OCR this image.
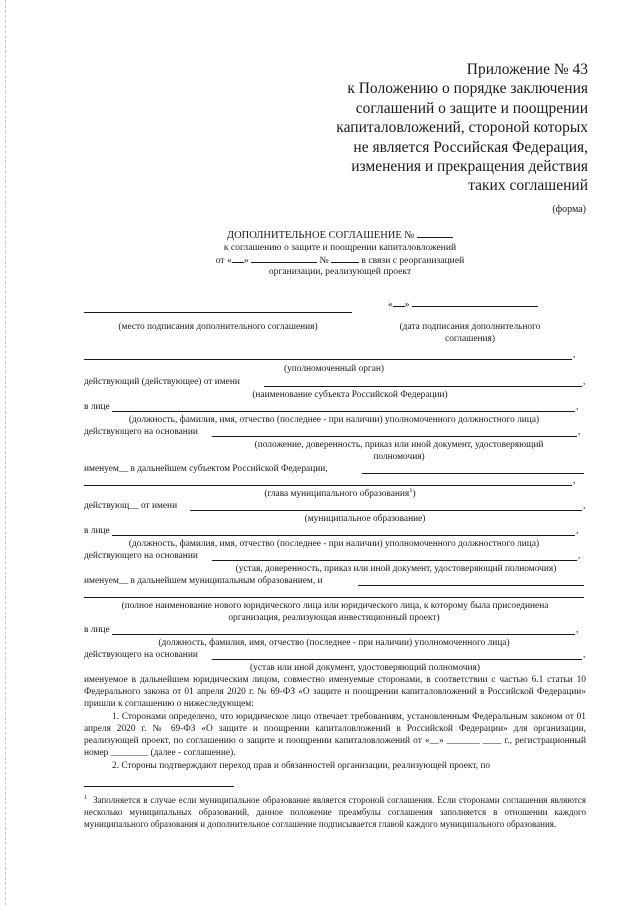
Приложение № 43
к Положению о порядке заключения
соглашений о защите и поощрении
капиталовложений, стороной которых
не является Российская Федерация,
изменения и прекращения действия
таких соглашений
(форма)
ДОПОЛНИТЕЛЬНОЕ СОГЛАШЕНИЕ №
к соглашению о защите и поощрении капиталовложений
от « »	№	в связи с реорганизацией
организации, реализующей проект
« »
(место подписания дополнительного соглашения)	(дата подписания дополнительного
соглашения)
,
(уполномоченный орган)
действующий (действующее) от имени	,
(наименование субъекта Российской Федерации)
в лице	,
(должность, фамилия, имя, отчество (последнее - при наличии) уполномоченного должностного лица)
действующего на основании	,
(положение, доверенность, приказ или иной документ, удостоверяющий
полномочия)
именуем__ в дальнейшем субъектом Российской Федерации,
,
(глава муниципального образования$^1$)
действующ__ от имени	,
(муниципальное образование)
в лице	,
(должность, фамилия, имя, отчество (последнее - при наличии) уполномоченного должностного лица)
действующего на основании	,
(устав, доверенность, приказ или иной документ, удостоверяющий полномочия)
именуем__ в дальнейшем муниципальным образованием, и
(полное наименование нового юридического лица или юридического лица, к которому была присоединена
организация, реализующая инвестиционный проект)
в лице	,
(должность, фамилия, имя, отчество (последнее - при наличии) уполномоченного лица)
действующего на основании	,
(устав или иной документ, удостоверяющий полномочия)
именуемое в дальнейшем юридическим лицом, совместно именуемые сторонами, в соответствии с частью 6.1 статьи 10 Федерального закона от 01 апреля 2020 г. № 69-ФЗ «О защите и поощрении капиталовложений в Российской Федерации» пришли к соглашению о нижеследующем:
1. Сторонами определено, что юридическое лицо отвечает требованиям, установленным Федеральным законом от 01 апреля 2020 г. № 69-ФЗ «О защите и поощрении капиталовложений в Российской Федерации» для организации, реализующей проект, по соглашению о защите и поощрении капиталовложений от «__» _______ ____ г., регистрационный номер ________ (далее - соглашение).
2. Стороны подтверждают переход прав и обязанностей организации, реализующей проект, по
$^1$ Заполняется в случае если муниципальное образование является стороной соглашения. Если сторонами соглашения являются несколько муниципальных образований, данное положение преамбулы соглашения заполняется в отношении каждого муниципального образования и дополнительное соглашение подписывается главой каждого муниципального образования.
